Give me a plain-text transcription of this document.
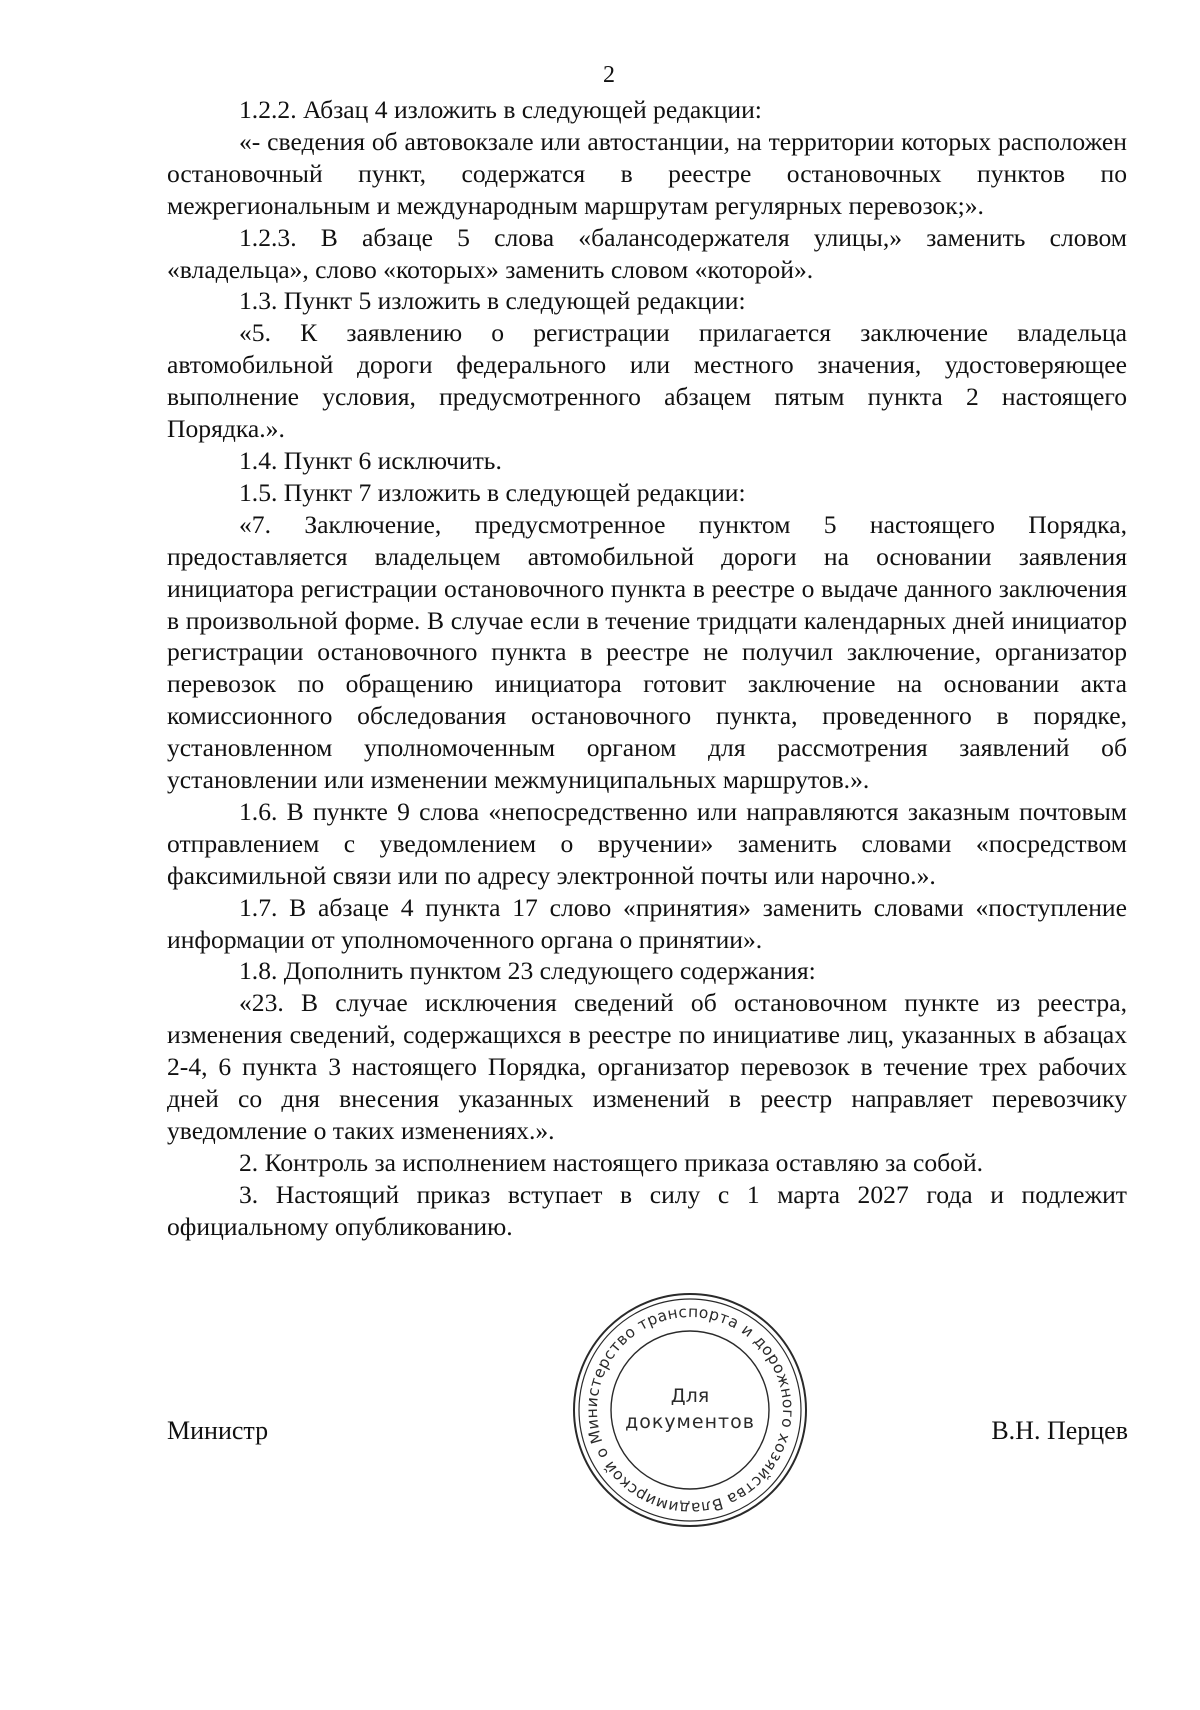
2

1.2.2. Абзац 4 изложить в следующей редакции:

«- сведения об автовокзале или автостанции, на территории которых расположен остановочный пункт, содержатся в реестре остановочных пунктов по межрегиональным и международным маршрутам регулярных перевозок;».

1.2.3. В абзаце 5 слова «балансодержателя улицы,» заменить словом «владельца», слово «которых» заменить словом «которой».

1.3. Пункт 5 изложить в следующей редакции:

«5. К заявлению о регистрации прилагается заключение владельца автомобильной дороги федерального или местного значения, удостоверяющее выполнение условия, предусмотренного абзацем пятым пункта 2 настоящего Порядка.».

1.4. Пункт 6 исключить.

1.5. Пункт 7 изложить в следующей редакции:

«7. Заключение, предусмотренное пунктом 5 настоящего Порядка, предоставляется владельцем автомобильной дороги на основании заявления инициатора регистрации остановочного пункта в реестре о выдаче данного заключения в произвольной форме. В случае если в течение тридцати календарных дней инициатор регистрации остановочного пункта в реестре не получил заключение, организатор перевозок по обращению инициатора готовит заключение на основании акта комиссионного обследования остановочного пункта, проведенного в порядке, установленном уполномоченным органом для рассмотрения заявлений об установлении или изменении межмуниципальных маршрутов.».

1.6. В пункте 9 слова «непосредственно или направляются заказным почтовым отправлением с уведомлением о вручении» заменить словами «посредством факсимильной связи или по адресу электронной почты или нарочно.».

1.7. В абзаце 4 пункта 17 слово «принятия» заменить словами «поступление информации от уполномоченного органа о принятии».

1.8. Дополнить пунктом 23 следующего содержания:

«23. В случае исключения сведений об остановочном пункте из реестра, изменения сведений, содержащихся в реестре по инициативе лиц, указанных в абзацах 2-4, 6 пункта 3 настоящего Порядка, организатор перевозок в течение трех рабочих дней со дня внесения указанных изменений в реестр направляет перевозчику уведомление о таких изменениях.».

2. Контроль за исполнением настоящего приказа оставляю за собой.

3. Настоящий приказ вступает в силу с 1 марта 2027 года и подлежит официальному опубликованию.

Министерство транспорта и дорожного хозяйства Владимирской области
Для
документов
Министр	В.Н. Перцев
